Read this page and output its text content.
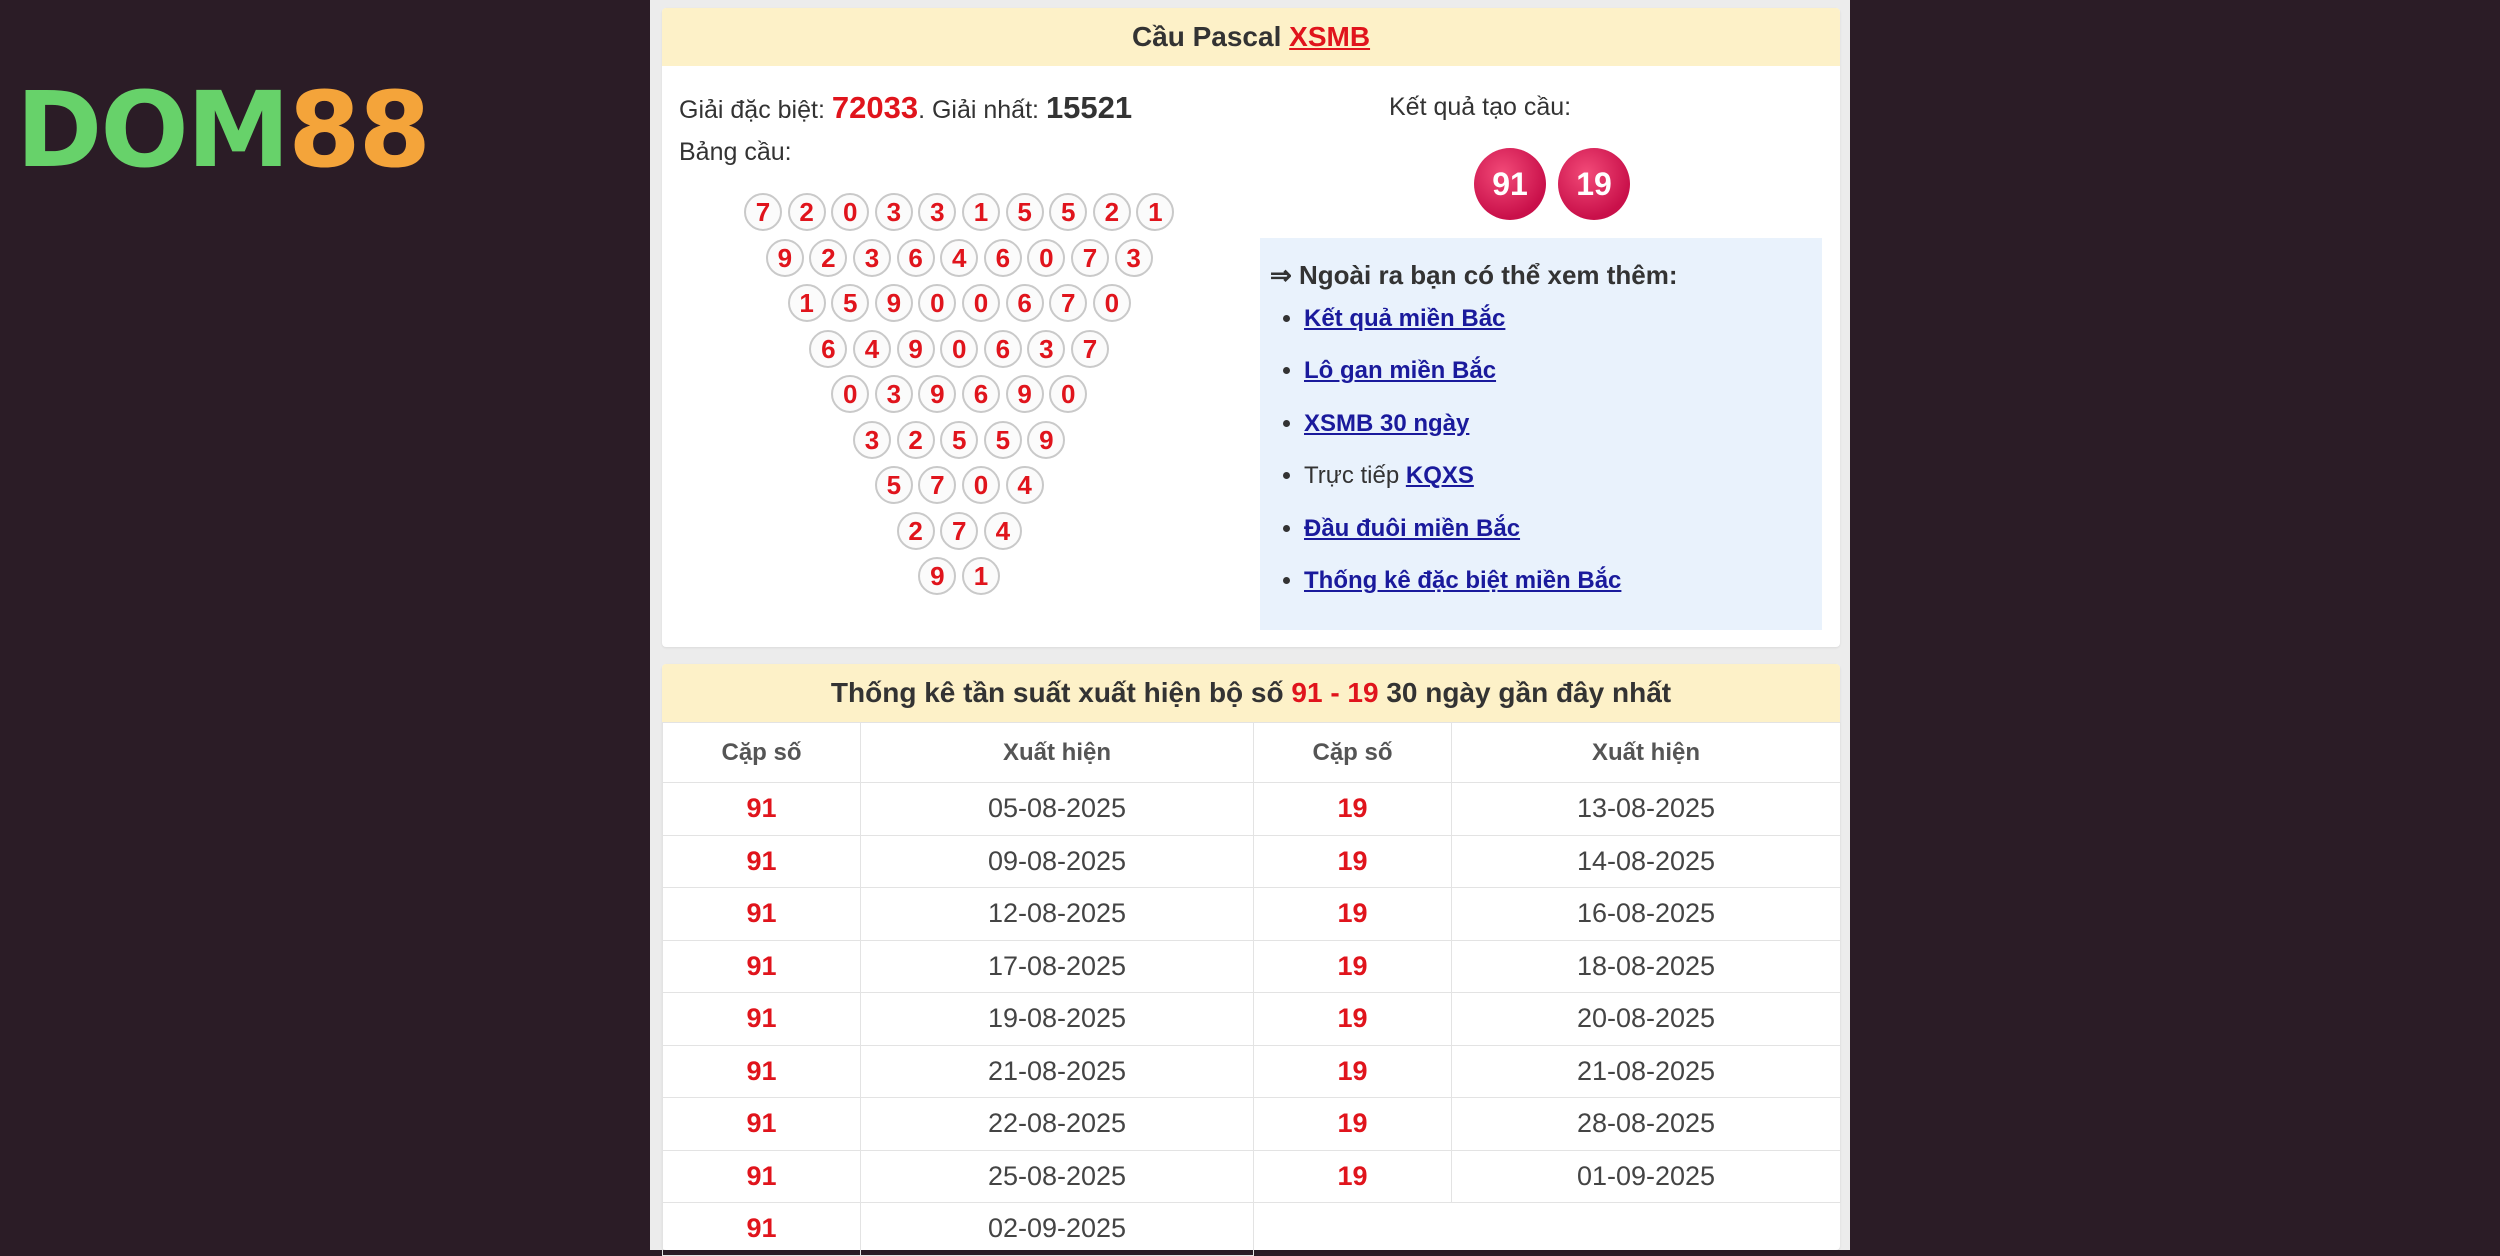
DOM88
Cầu Pascal XSMB
Giải đặc biệt: 72033. Giải nhất: 15521
Bảng cầu:
7	2	0	3	3	1	5	5	2	1
9	2	3	6	4	6	0	7	3
1	5	9	0	0	6	7	0
6	4	9	0	6	3	7
0	3	9	6	9	0
3	2	5	5	9
5	7	0	4
2	7	4
9	1
Kết quả tạo cầu:
91	19
⇒ Ngoài ra bạn có thể xem thêm:
• Kết quả miền Bắc
• Lô gan miền Bắc
• XSMB 30 ngày
• Trực tiếp KQXS
• Đầu đuôi miền Bắc
• Thống kê đặc biệt miền Bắc
Thống kê tần suất xuất hiện bộ số 91 - 19 30 ngày gần đây nhất
Cặp số	Xuất hiện	Cặp số	Xuất hiện
91	05-08-2025	19	13-08-2025
91	09-08-2025	19	14-08-2025
91	12-08-2025	19	16-08-2025
91	17-08-2025	19	18-08-2025
91	19-08-2025	19	20-08-2025
91	21-08-2025	19	21-08-2025
91	22-08-2025	19	28-08-2025
91	25-08-2025	19	01-09-2025
91	02-09-2025		
